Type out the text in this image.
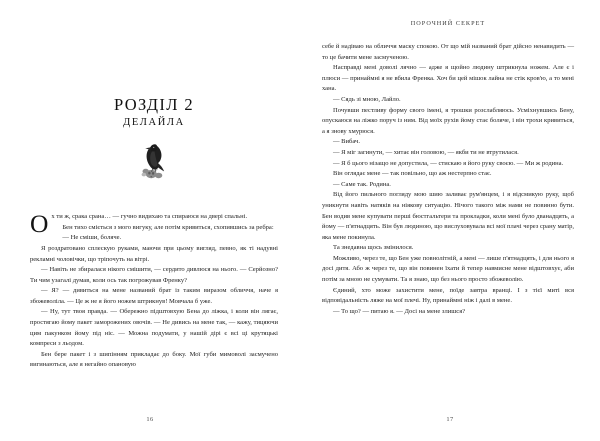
РОЗДІЛ 2
ДЕЛАЙЛА

Ох ти ж, срака срана… — гучно видихаю та спираюся на двері спальні.

Бен тихо сміється з мого вигуку, але потім кривиться, схопившись за ребра:

— Не сміши, боляче.

Я роздратовано сплескую руками, маючи при цьому вигляд, певно, як ті надувні рекламні чоловічки, що тріпочуть на вітрі.

— Навіть не збиралася нікого смішити, — сердито дивлюся на нього. — Серйозно? Ти чим узагалі думав, коли ось так погрожував Френку?

— Я? — дивиться на мене названий брат із таким виразом обличчя, наче я збожеволіла. — Це ж не я його ножем штрикнув! Мовчала б уже.

— Ну, тут твоя правда. — Обережно підштовхую Бена до ліжка, і коли він лягає, простягаю йому пакет заморожених овочів. — Не дивись на мене так, — кажу, тицяючи цим пакунком йому під ніс. — Можна подумати, у нашій дірі є всі ці крутяцькі компреси з льодом.

Бен бере пакет і з шипінням прикладає до боку. Мої губи мимоволі засмучено вигинаються, але я негайно опановую

16
ПОРОЧНИЙ СЕКРЕТ

себе й надіваю на обличчя маску спокою. От що мій названий брат дійсно ненавидить — то це бачити мене засмученою.

Насправді мені доволі лячно — адже я щойно людину штрикнула ножем. Але є і плюси — принаймні я не вбила Френка. Хоч би цей мішок лайна не стік кров'ю, а то мені хана.

— Сядь зі мною, Лайло.

Почувши пестливу форму свого імені, я трошки розслабляюсь. Усміхнувшись Бену, опускаюся на ліжко поруч із ним. Від моїх рухів йому стає боляче, і він трохи кривиться, а я знову хмурюся.

— Вибач.

— Я міг загинути, — хитає він головою, — якби ти не втрутилася.

— Я б цього нізащо не допустила, — стискаю я його руку своєю. — Ми ж родина.

Він оглядає мене — так повільно, що аж нестерпно стає.

— Саме так. Родина.

Від його пильного погляду мою шию заливає рум'янцем, і я відсмикую руку, щоб уникнути навіть натяків на ніякову ситуацію. Нічого такого між нами не повинно бути. Бен водив мене купувати перші бюстгальтери та прокладки, коли мені було дванадцять, а йому — п'ятнадцять. Він був людиною, що вислуховувала всі мої плачі через срану матір, яка мене покинула.

Та знедавна щось змінилося.

Можливо, через те, що Бен уже повнолітній, а мені — лише п'ятнадцять, і для нього я досі дитя. Або ж через те, що він повинен їхати й тепер навмисне мене відштовхує, аби потім за мною не сумувати. Та я знаю, що без нього просто збожеволію.

Єдиний, хто може захистити мене, поїде завтра вранці. І з тієї миті вся відповідальність ляже на мої плечі. Ну, принаймні ніж і далі в мене.

— То що? — питаю я. — Досі на мене злишся?

17
